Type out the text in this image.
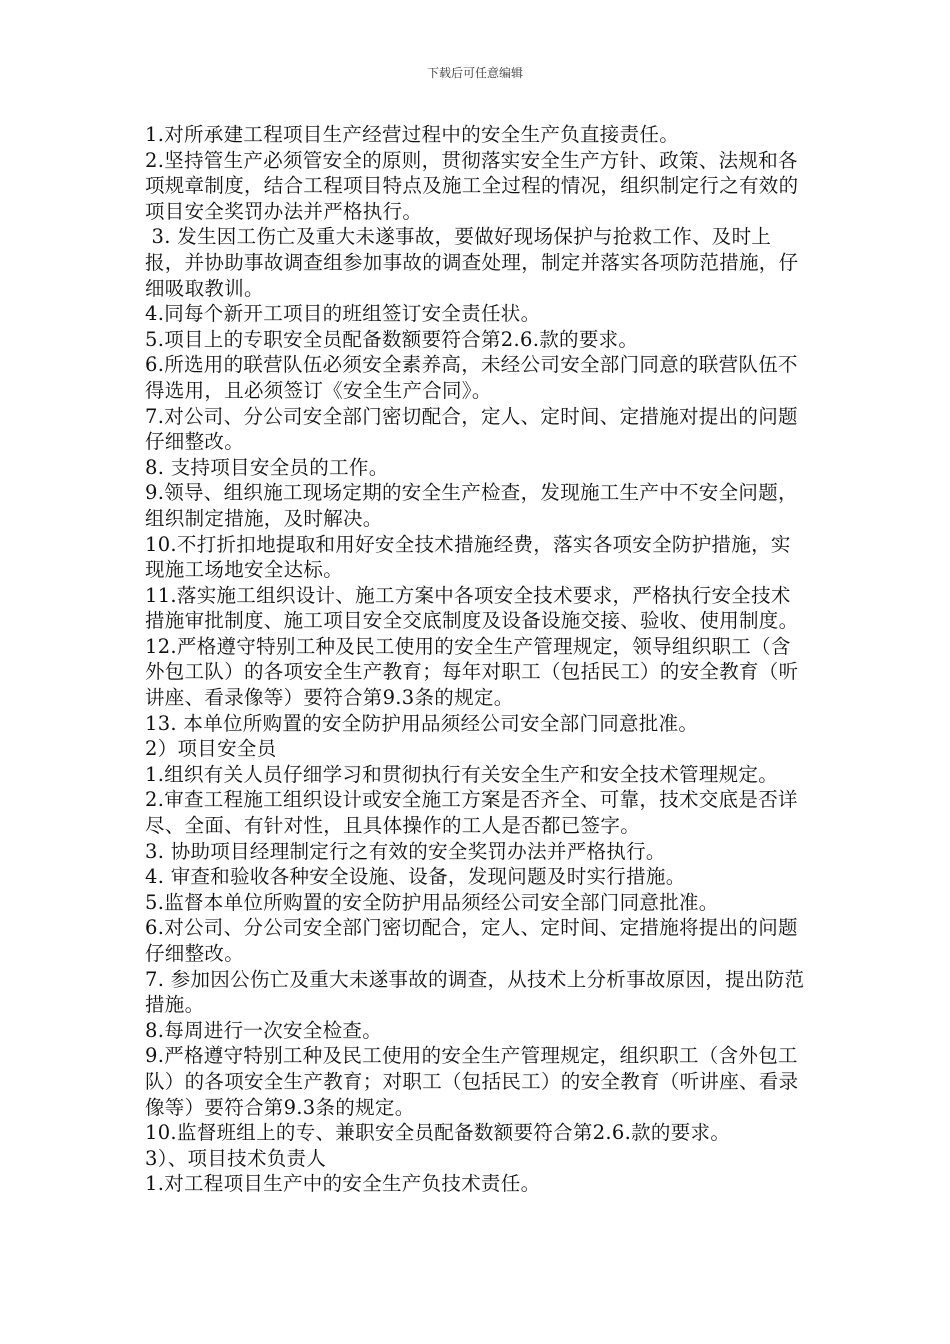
下载后可任意编辑

1.对所承建工程项目生产经营过程中的安全生产负直接责任。

2.坚持管生产必须管安全的原则，贯彻落实安全生产方针、政策、法规和各项规章制度，结合工程项目特点及施工全过程的情况，组织制定行之有效的项目安全奖罚办法并严格执行。

3. 发生因工伤亡及重大未遂事故，要做好现场保护与抢救工作、及时上报，并协助事故调查组参加事故的调查处理，制定并落实各项防范措施，仔细吸取教训。

4.同每个新开工项目的班组签订安全责任状。

5.项目上的专职安全员配备数额要符合第2.6.款的要求。

6.所选用的联营队伍必须安全素养高，未经公司安全部门同意的联营队伍不得选用，且必须签订《安全生产合同》。

7.对公司、分公司安全部门密切配合，定人、定时间、定措施对提出的问题仔细整改。

8. 支持项目安全员的工作。

9.领导、组织施工现场定期的安全生产检查，发现施工生产中不安全问题，组织制定措施，及时解决。

10.不打折扣地提取和用好安全技术措施经费，落实各项安全防护措施，实现施工场地安全达标。

11.落实施工组织设计、施工方案中各项安全技术要求，严格执行安全技术措施审批制度、施工项目安全交底制度及设备设施交接、验收、使用制度。

12.严格遵守特别工种及民工使用的安全生产管理规定，领导组织职工（含外包工队）的各项安全生产教育；每年对职工（包括民工）的安全教育（听讲座、看录像等）要符合第9.3条的规定。

13. 本单位所购置的安全防护用品须经公司安全部门同意批准。

2）项目安全员

1.组织有关人员仔细学习和贯彻执行有关安全生产和安全技术管理规定。

2.审查工程施工组织设计或安全施工方案是否齐全、可靠，技术交底是否详尽、全面、有针对性，且具体操作的工人是否都已签字。

3. 协助项目经理制定行之有效的安全奖罚办法并严格执行。

4. 审查和验收各种安全设施、设备，发现问题及时实行措施。

5.监督本单位所购置的安全防护用品须经公司安全部门同意批准。

6.对公司、分公司安全部门密切配合，定人、定时间、定措施将提出的问题仔细整改。

7. 参加因公伤亡及重大未遂事故的调查，从技术上分析事故原因，提出防范措施。

8.每周进行一次安全检查。

9.严格遵守特别工种及民工使用的安全生产管理规定，组织职工（含外包工队）的各项安全生产教育；对职工（包括民工）的安全教育（听讲座、看录像等）要符合第9.3条的规定。

10.监督班组上的专、兼职安全员配备数额要符合第2.6.款的要求。

3）、项目技术负责人

1.对工程项目生产中的安全生产负技术责任。
